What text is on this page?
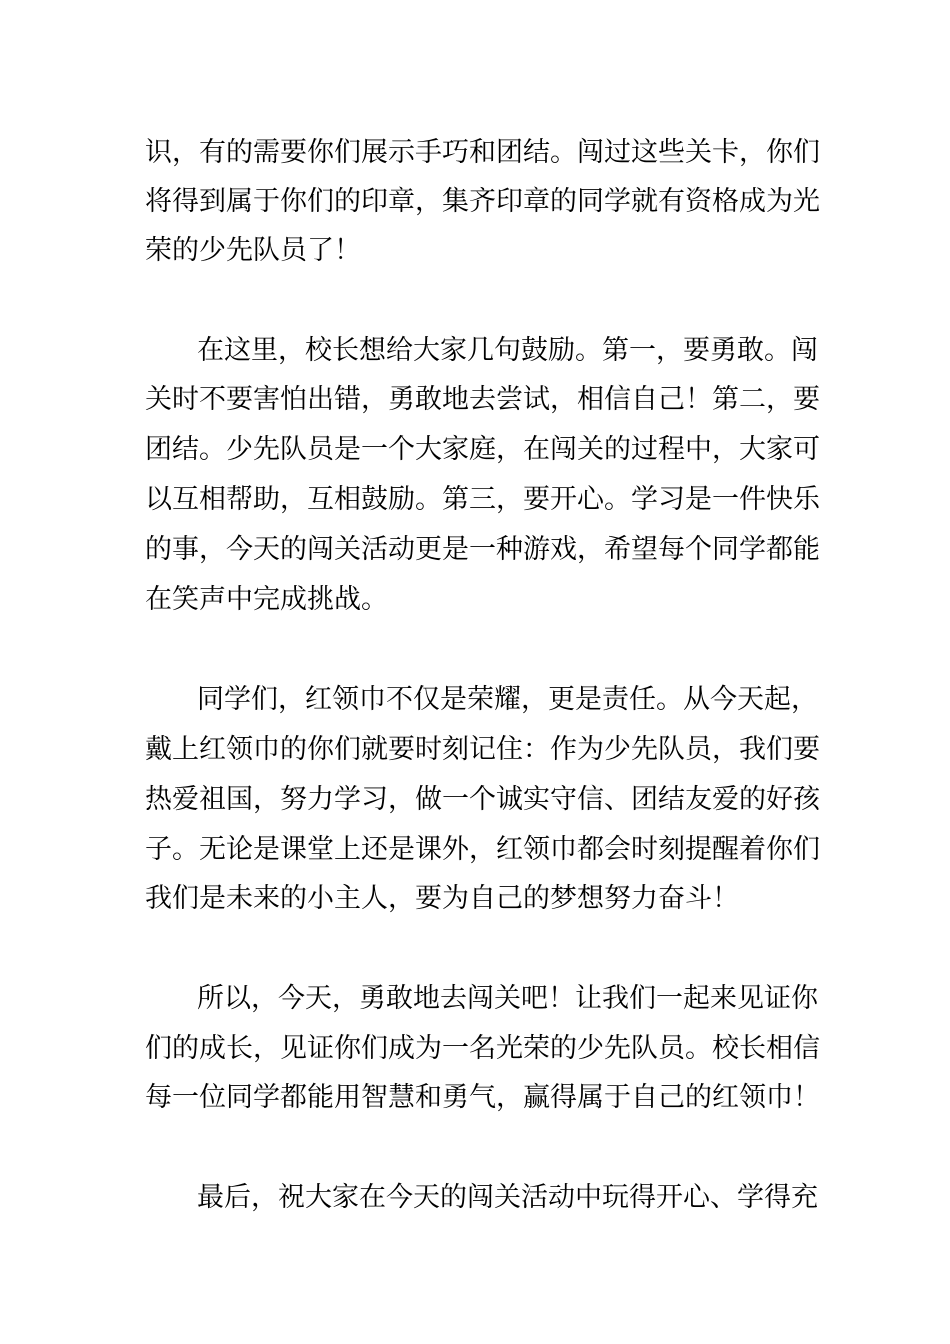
识，有的需要你们展示手巧和团结。闯过这些关卡，你们

将得到属于你们的印章，集齐印章的同学就有资格成为光

荣的少先队员了！

在这里，校长想给大家几句鼓励。第一，要勇敢。闯

关时不要害怕出错，勇敢地去尝试，相信自己！第二，要

团结。少先队员是一个大家庭，在闯关的过程中，大家可

以互相帮助，互相鼓励。第三，要开心。学习是一件快乐

的事，今天的闯关活动更是一种游戏，希望每个同学都能

在笑声中完成挑战。

同学们，红领巾不仅是荣耀，更是责任。从今天起，

戴上红领巾的你们就要时刻记住：作为少先队员，我们要

热爱祖国，努力学习，做一个诚实守信、团结友爱的好孩

子。无论是课堂上还是课外，红领巾都会时刻提醒着你们

我们是未来的小主人，要为自己的梦想努力奋斗！

所以，今天，勇敢地去闯关吧！让我们一起来见证你

们的成长，见证你们成为一名光荣的少先队员。校长相信

每一位同学都能用智慧和勇气，赢得属于自己的红领巾！

最后，祝大家在今天的闯关活动中玩得开心、学得充
